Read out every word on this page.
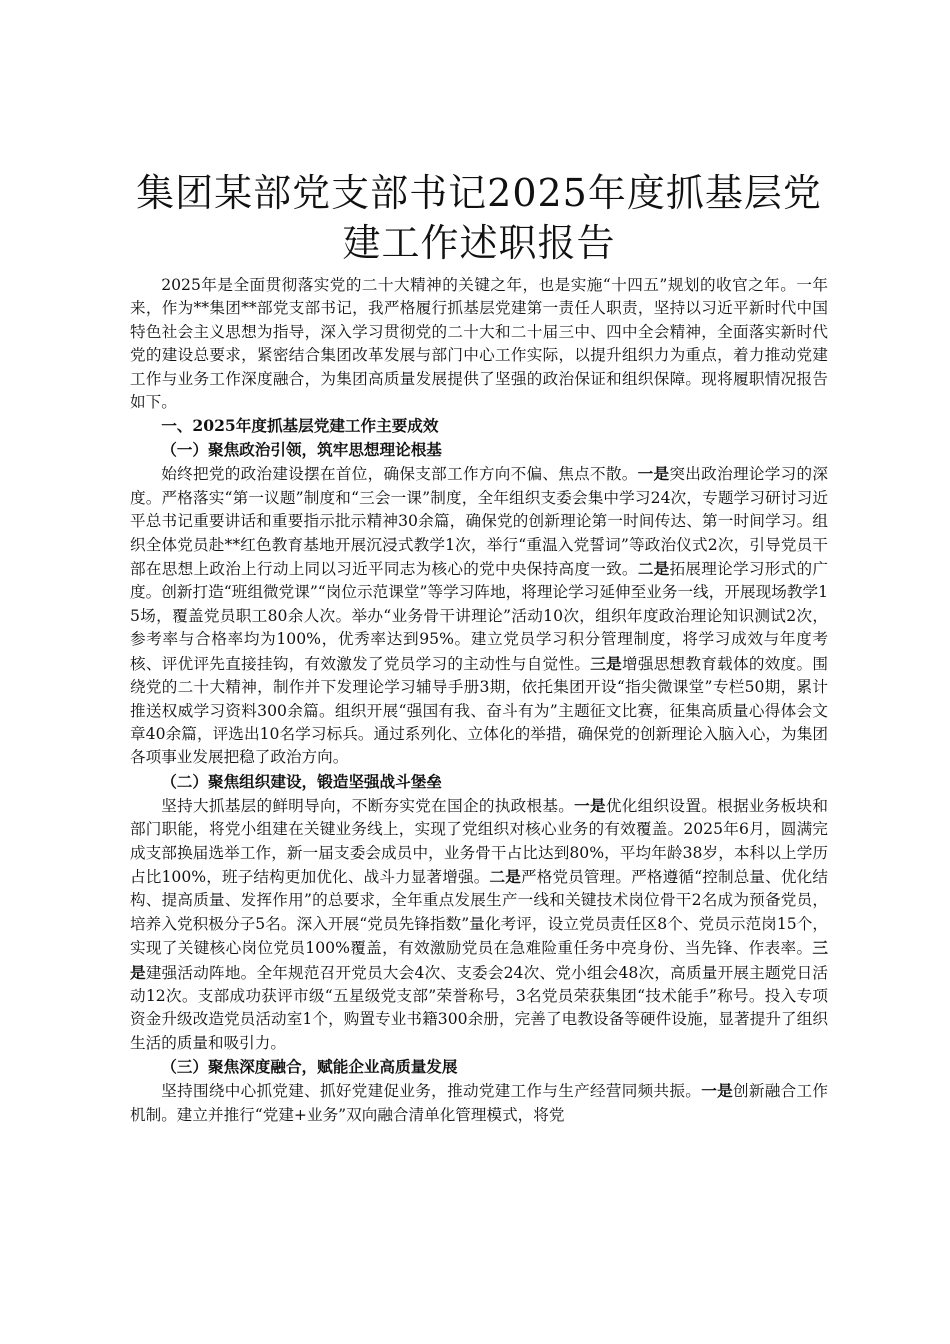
集团某部党支部书记2025年度抓基层党建工作述职报告

2025年是全面贯彻落实党的二十大精神的关键之年，也是实施“十四五”规划的收官之年。一年来，作为**集团**部党支部书记，我严格履行抓基层党建第一责任人职责，坚持以习近平新时代中国特色社会主义思想为指导，深入学习贯彻党的二十大和二十届三中、四中全会精神，全面落实新时代党的建设总要求，紧密结合集团改革发展与部门中心工作实际，以提升组织力为重点，着力推动党建工作与业务工作深度融合，为集团高质量发展提供了坚强的政治保证和组织保障。现将履职情况报告如下。

一、2025年度抓基层党建工作主要成效
（一）聚焦政治引领，筑牢思想理论根基

始终把党的政治建设摆在首位，确保支部工作方向不偏、焦点不散。一是突出政治理论学习的深度。严格落实“第一议题”制度和“三会一课”制度，全年组织支委会集中学习24次，专题学习研讨习近平总书记重要讲话和重要指示批示精神30余篇，确保党的创新理论第一时间传达、第一时间学习。组织全体党员赴**红色教育基地开展沉浸式教学1次，举行“重温入党誓词”等政治仪式2次，引导党员干部在思想上政治上行动上同以习近平同志为核心的党中央保持高度一致。二是拓展理论学习形式的广度。创新打造“班组微党课”“岗位示范课堂”等学习阵地，将理论学习延伸至业务一线，开展现场教学15场，覆盖党员职工80余人次。举办“业务骨干讲理论”活动10次，组织年度政治理论知识测试2次，参考率与合格率均为100%，优秀率达到95%。建立党员学习积分管理制度，将学习成效与年度考核、评优评先直接挂钩，有效激发了党员学习的主动性与自觉性。三是增强思想教育载体的效度。围绕党的二十大精神，制作并下发理论学习辅导手册3期，依托集团开设“指尖微课堂”专栏50期，累计推送权威学习资料300余篇。组织开展“强国有我、奋斗有为”主题征文比赛，征集高质量心得体会文章40余篇，评选出10名学习标兵。通过系列化、立体化的举措，确保党的创新理论入脑入心，为集团各项事业发展把稳了政治方向。

（二）聚焦组织建设，锻造坚强战斗堡垒

坚持大抓基层的鲜明导向，不断夯实党在国企的执政根基。一是优化组织设置。根据业务板块和部门职能，将党小组建在关键业务线上，实现了党组织对核心业务的有效覆盖。2025年6月，圆满完成支部换届选举工作，新一届支委会成员中，业务骨干占比达到80%，平均年龄38岁，本科以上学历占比100%，班子结构更加优化、战斗力显著增强。二是严格党员管理。严格遵循“控制总量、优化结构、提高质量、发挥作用”的总要求，全年重点发展生产一线和关键技术岗位骨干2名成为预备党员，培养入党积极分子5名。深入开展“党员先锋指数”量化考评，设立党员责任区8个、党员示范岗15个，实现了关键核心岗位党员100%覆盖，有效激励党员在急难险重任务中亮身份、当先锋、作表率。三是建强活动阵地。全年规范召开党员大会4次、支委会24次、党小组会48次，高质量开展主题党日活动12次。支部成功获评市级“五星级党支部”荣誉称号，3名党员荣获集团“技术能手”称号。投入专项资金升级改造党员活动室1个，购置专业书籍300余册，完善了电教设备等硬件设施，显著提升了组织生活的质量和吸引力。

（三）聚焦深度融合，赋能企业高质量发展

坚持围绕中心抓党建、抓好党建促业务，推动党建工作与生产经营同频共振。一是创新融合工作机制。建立并推行“党建+业务”双向融合清单化管理模式，将党
